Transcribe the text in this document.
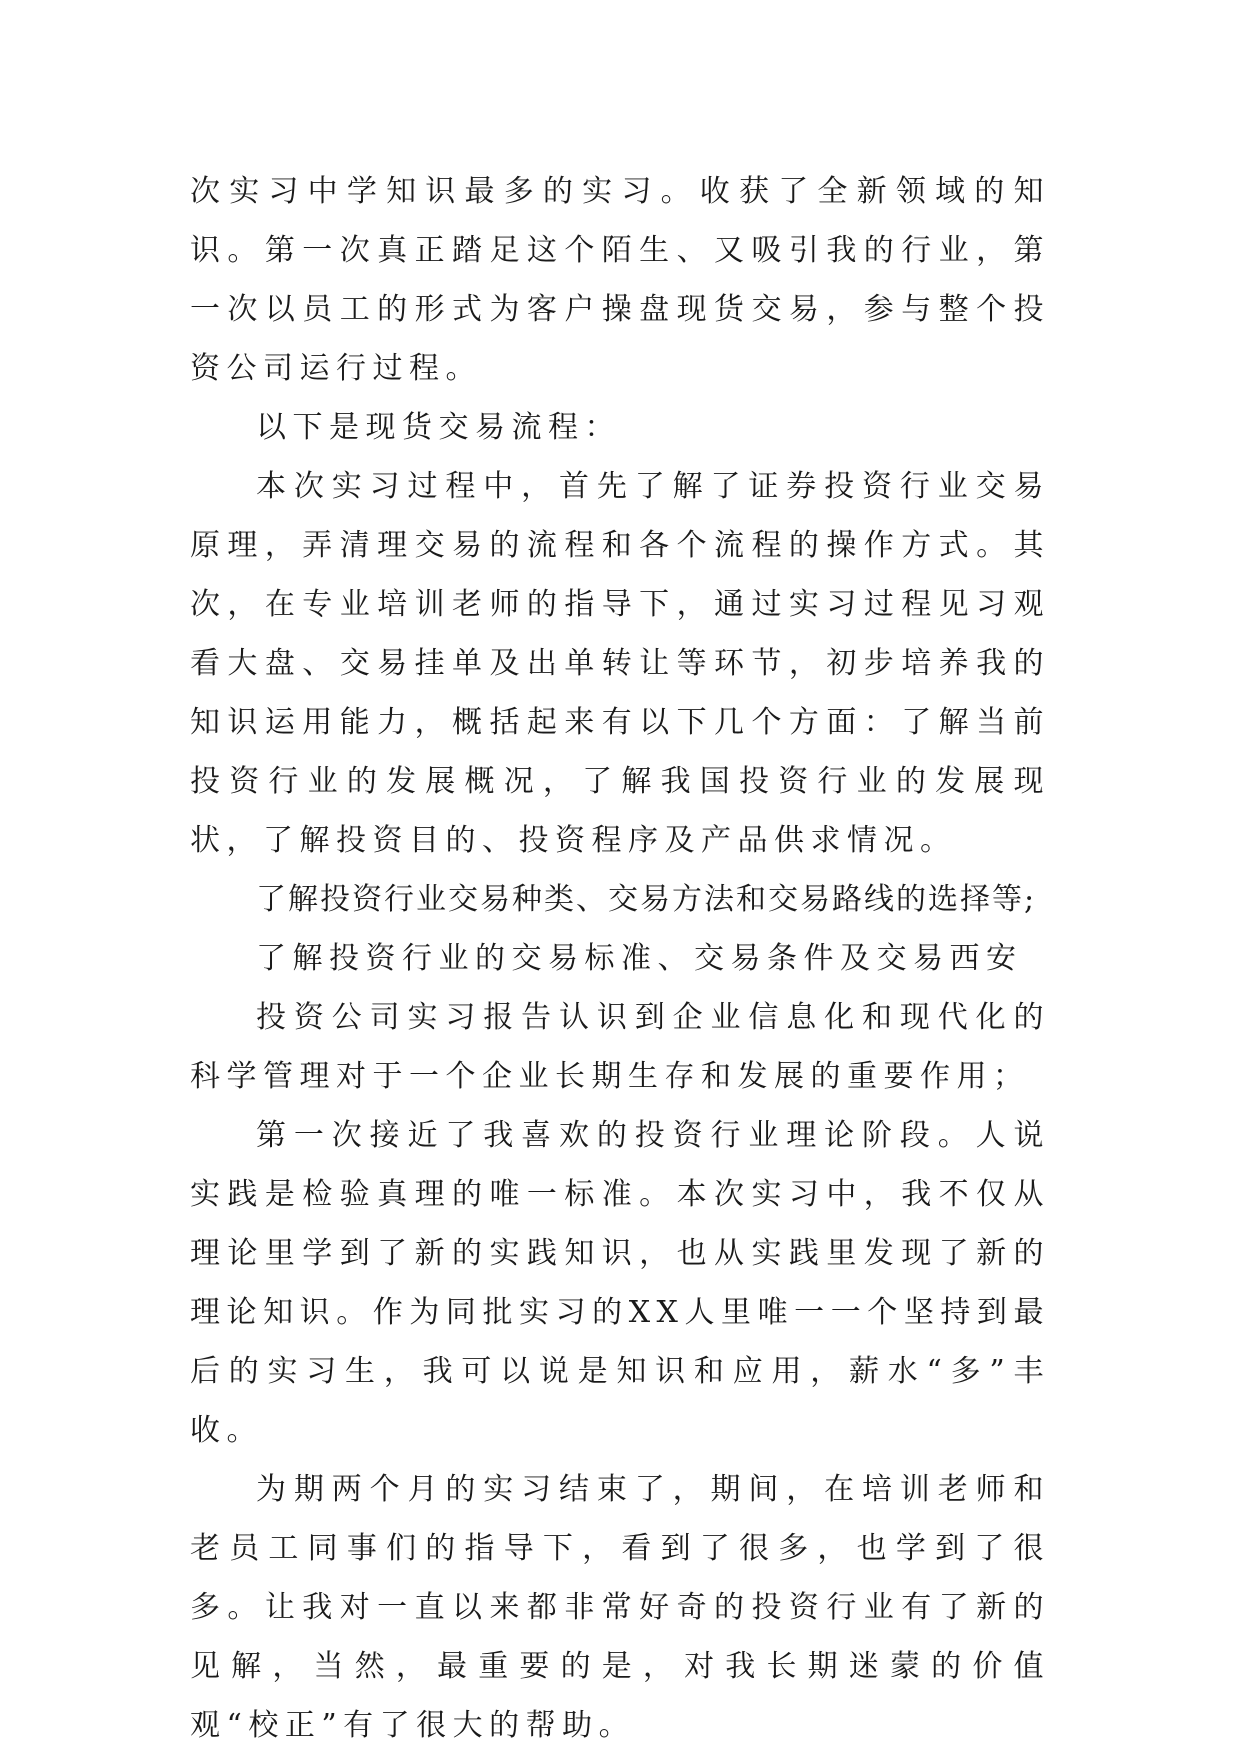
次实习中学知识最多的实习。收获了全新领域的知识。第一次真正踏足这个陌生、又吸引我的行业，第一次以员工的形式为客户操盘现货交易，参与整个投资公司运行过程。

以下是现货交易流程：

本次实习过程中，首先了解了证券投资行业交易原理，弄清理交易的流程和各个流程的操作方式。其次，在专业培训老师的指导下，通过实习过程见习观看大盘、交易挂单及出单转让等环节，初步培养我的知识运用能力，概括起来有以下几个方面：了解当前投资行业的发展概况，了解我国投资行业的发展现状，了解投资目的、投资程序及产品供求情况。

了解投资行业交易种类、交易方法和交易路线的选择等;

了解投资行业的交易标准、交易条件及交易西安

投资公司实习报告认识到企业信息化和现代化的科学管理对于一个企业长期生存和发展的重要作用；

第一次接近了我喜欢的投资行业理论阶段。人说实践是检验真理的唯一标准。本次实习中，我不仅从理论里学到了新的实践知识，也从实践里发现了新的理论知识。作为同批实习的XX人里唯一一个坚持到最后的实习生，我可以说是知识和应用，薪水“多”丰收。

为期两个月的实习结束了，期间，在培训老师和老员工同事们的指导下，看到了很多，也学到了很多。让我对一直以来都非常好奇的投资行业有了新的见解，当然，最重要的是，对我长期迷蒙的价值观“校正”有了很大的帮助。
